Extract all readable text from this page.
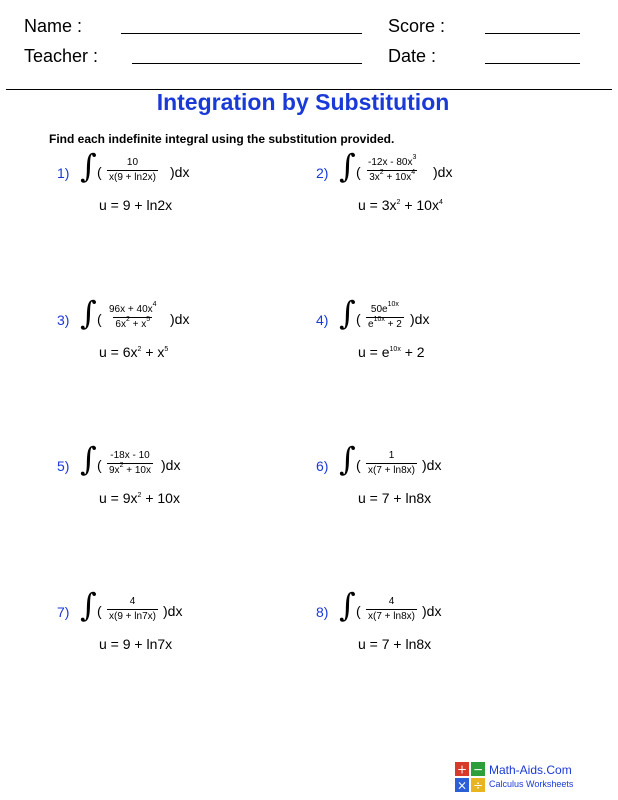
Name :	Score :
Teacher :	Date :
Integration by Substitution
Find each indefinite integral using the substitution provided.
1) ∫ ( $\frac{10}{x(9 + \ln 2x)} )dx$
u = 9 + ln2x
2) ∫ ( $\frac{-12x - 80x^3}{3x^2 + 10x^4} )dx$
$u = 3x^2 + 10x^4$
3) ∫ ( $\frac{96x + 40x^4}{6x^2 + x^5} )dx$
$u = 6x^2 + x^5$
4) ∫ ( $\frac{50e^{10x}}{e^{10x} + 2} )dx$
$u = e^{10x} + 2$
5) ∫ ( $\frac{-18x - 10}{9x^2 + 10x} )dx$
$u = 9x^2 + 10x$
6) ∫ ( $\frac{1}{x(7 + \ln 8x)} )dx$
u = 7 + ln8x
7) ∫ ( $\frac{4}{x(9 + \ln 7x)} )dx$
u = 9 + ln7x
8) ∫ ( $\frac{4}{x(7 + \ln 8x)} )dx$
u = 7 + ln8x
+ −
× ÷
Math-Aids.Com
Calculus Worksheets
